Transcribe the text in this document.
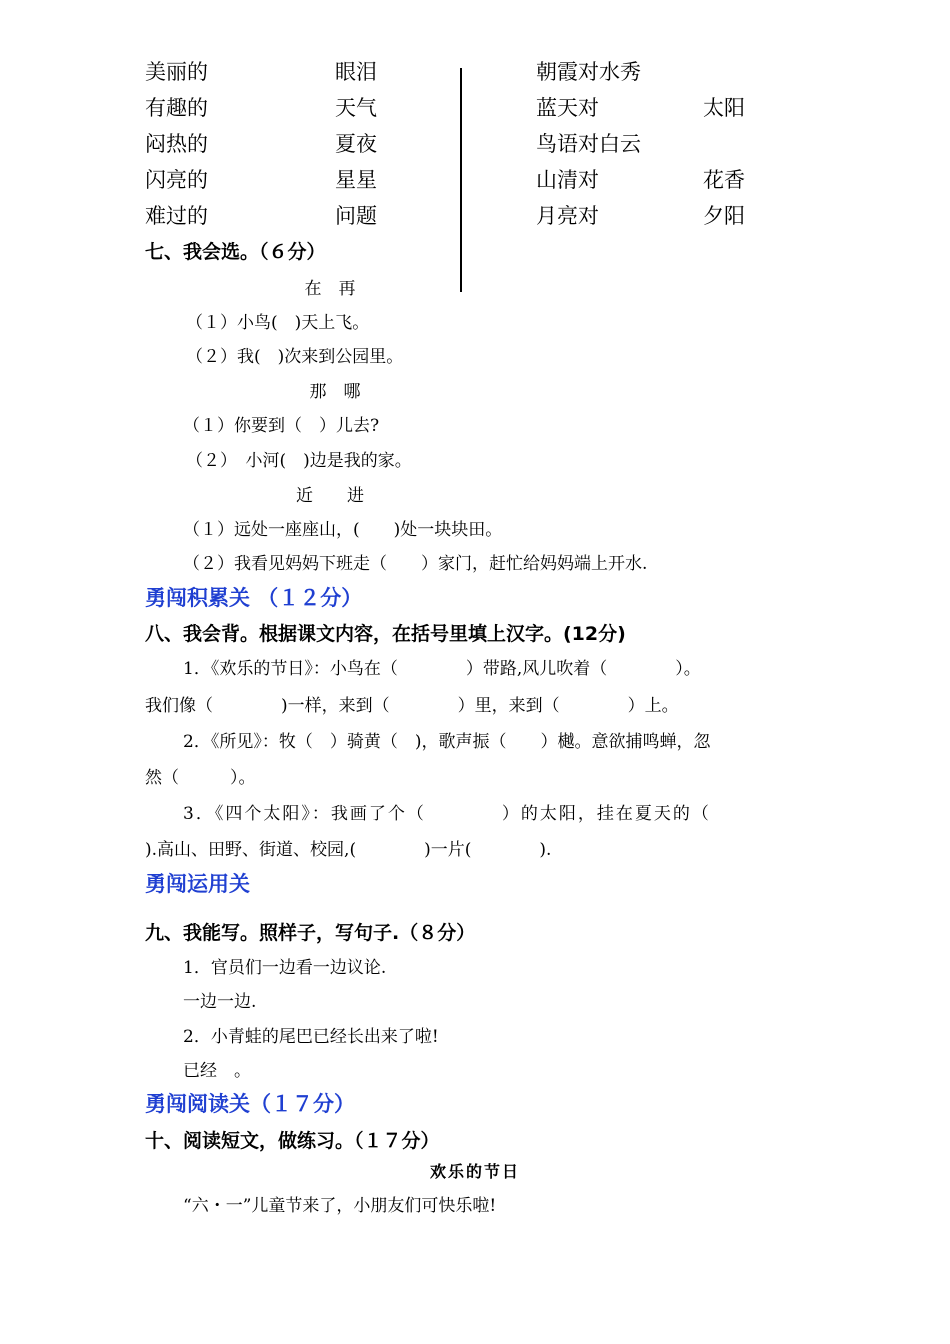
美丽的
有趣的
闷热的
闪亮的
难过的
眼泪
天气
夏夜
星星
问题
朝霞对水秀
蓝天对
鸟语对白云
山清对
月亮对
太阳
花香
夕阳
七、我会选。（６分）
在　再
（１）小鸟(　)天上飞。
（２）我(　)次来到公园里。
那　哪
（１）你要到（　）儿去?
（２）　小河(　)边是我的家。
近　　进
（１）远处一座座山，(　　)处一块块田。
（２）我看见妈妈下班走（　　）家门，赶忙给妈妈端上开水.
勇闯积累关 （１２分）
八、我会背。根据课文内容，在括号里填上汉字。(12分)
1．《欢乐的节日》：小鸟在（　　　　）带路,风儿吹着（　　　　）。
我们像（　　　　)一样，来到（　　　　）里，来到（　　　　）上。
2．《所见》：牧（　）骑黄（　)，歌声振（　　）樾。意欲捕鸣蝉，忽
然（　　　）。
3．《四个太阳》：我画了个（　　　　）的太阳，挂在夏天的（
).高山、田野、街道、校园,(　　　　)一片(　　　　).
勇闯运用关
九、我能写。照样子，写句子.（８分）
1．官员们一边看一边议论.
一边一边.
2．小青蛙的尾巴已经长出来了啦!
已经　。
勇闯阅读关（１７分）
十、阅读短文，做练习。（１７分）
欢乐的节日
“六・一”儿童节来了，小朋友们可快乐啦!
